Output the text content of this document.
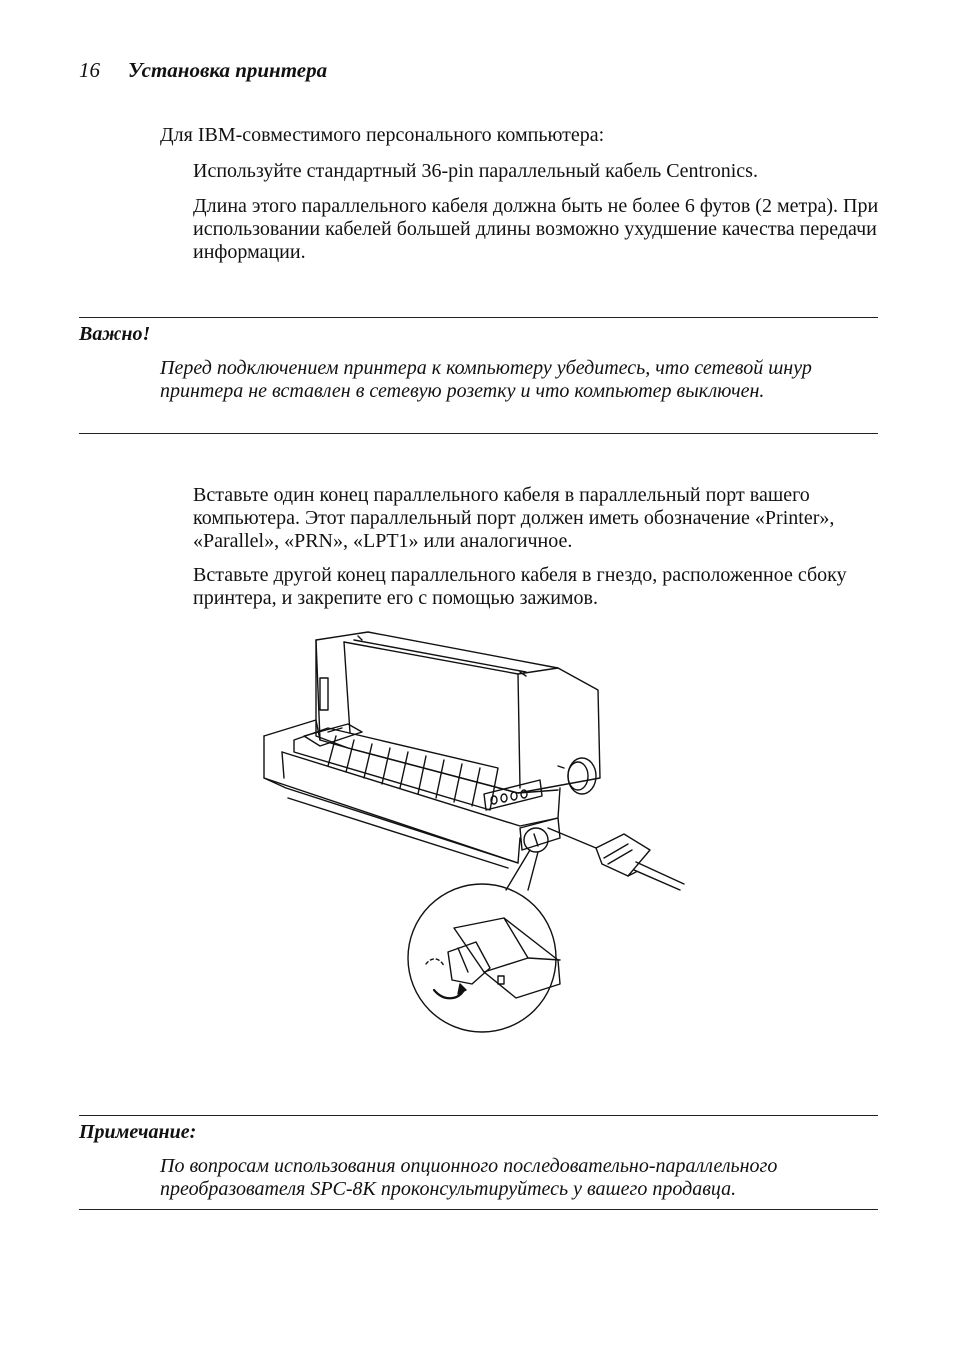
16 Установка принтера

Для IBM-совместимого персонального компьютера:

Используйте стандартный 36-pin параллельный кабель Centronics.

Длина этого параллельного кабеля должна быть не более 6 футов (2 метра). При использовании кабелей большей длины возможно ухудшение качества передачи информации.

Важно!

Перед подключением принтера к компьютеру убедитесь, что сетевой шнур принтера не вставлен в сетевую розетку и что компьютер выключен.

Вставьте один конец параллельного кабеля в параллельный порт вашего компьютера. Этот параллельный порт должен иметь обозначение «Printer», «Parallel», «PRN», «LPT1» или аналогичное.

Вставьте другой конец параллельного кабеля в гнездо, расположенное сбоку принтера, и закрепите его с помощью зажимов.

Примечание:

По вопросам использования опционного последовательно-параллельного преобразователя SPC-8K проконсультируйтесь у вашего продавца.
